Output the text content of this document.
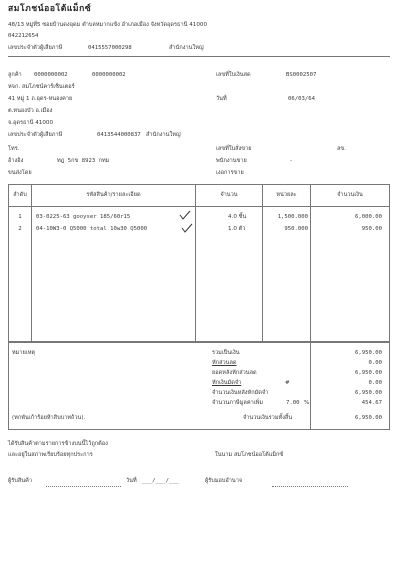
สมโภชน์ออโต้แม็กซ์
48/13 หมู่ที่5 ซอยบ้านดงอุดม ตำบลหมากแข้ง อำเภอเมือง จังหวัดอุดรธานี 41000
042212654
เลขประจำตัวผู้เสียภาษี	0415557000298	สำนักงานใหญ่
ลูกค้า 0000000002	0000000002	เลขที่ใบเงินสด	BS0002507
หจก. สมโภชน์คาร์เซ็นเตอร์
41 หมู่ 1 ถ.อุดร-หนองคาย	วันที่	06/03/64
ต.หนองบัว อ.เมือง
จ.อุดรธานี 41000
เลขประจำตัวผู้เสียภาษี	0413544000837 สำนักงานใหญ่
โทร.	เลขที่ใบสั่งขาย	ลข.
อ้างอิง	ทฎ 5กข 8923 กทม	พนักงานขาย	-
ขนส่งโดย	เงอการขาย
ลำดับ	รหัสสินค้า/รายละเอียด	จำนวน	หน่วยละ	จำนวนเงิน
1	03-0225-63 gooyser 185/60r15	4.0 ชิ้น	1,500.000	6,000.00
2	04-10W3-0 Q5000 total 10w30 Q5000	1.0 ตัว	950.000	950.00
หมายเหตุ	รวมเป็นเงิน	6,950.00
หักส่วนลด	0.00
ยอดหลังหักส่วนลด	6,950.00
หักเงินมัดจำ	#	0.00
จำนวนเงินหลังหักมัดจำ	6,950.00
จำนวนภาษีมูลค่าเพิ่ม	7.00 %	454.67
(หกพันเก้าร้อยห้าสิบบาทถ้วน).	จำนวนเงินรวมทั้งสิ้น	6,950.00
ได้รับสินค้าตามรายการข้างบนนี้ไว้ถูกต้อง
และอยู่ในสภาพเรียบร้อยทุกประการ	ในนาม สมโภชน์ออโต้แม็กซ์
ผู้รับสินค้า	วันที่ ___/___/___	ผู้รับมอบอำนาจ
